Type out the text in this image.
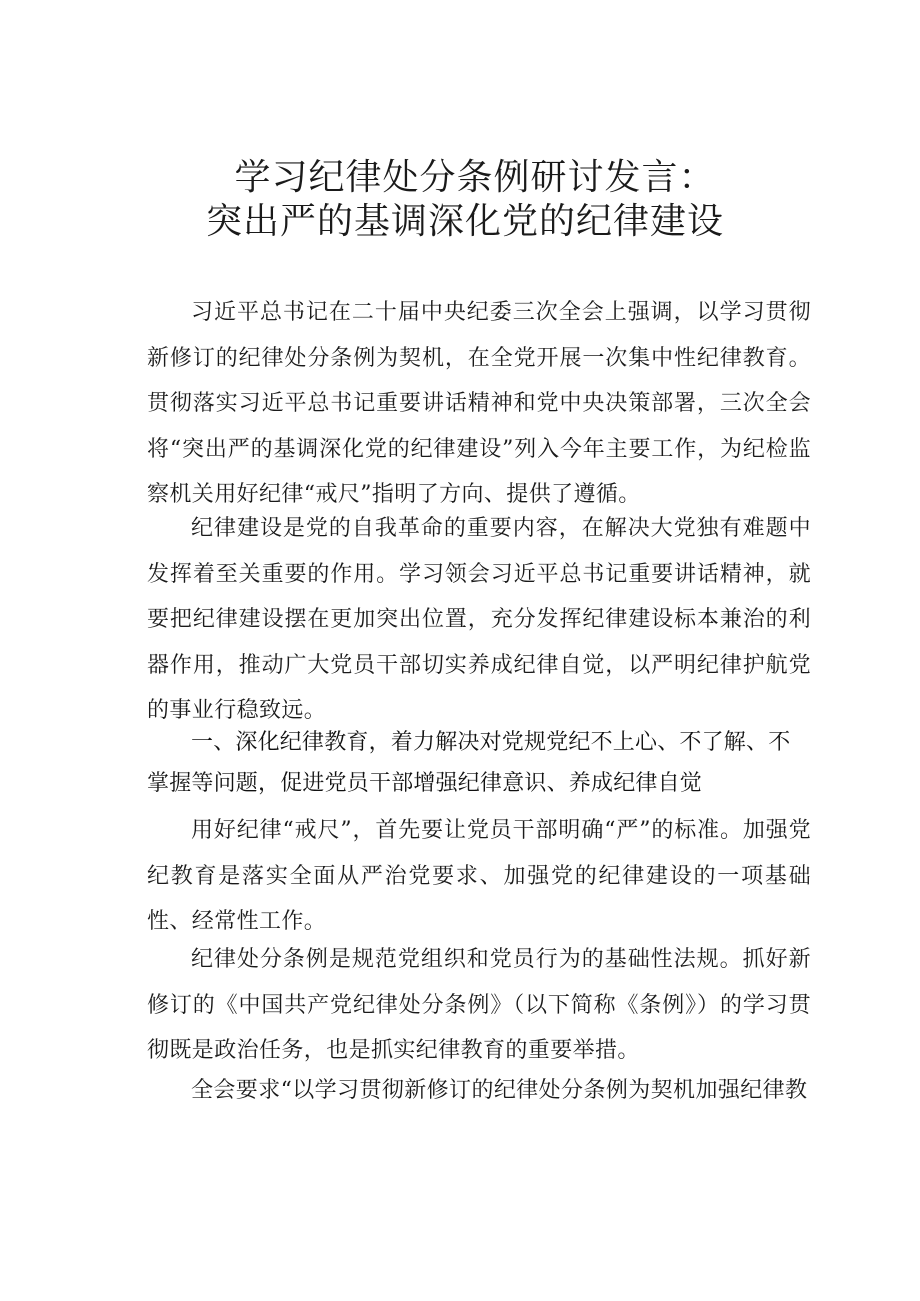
学习纪律处分条例研讨发言：
突出严的基调深化党的纪律建设

习近平总书记在二十届中央纪委三次全会上强调，以学习贯彻新修订的纪律处分条例为契机，在全党开展一次集中性纪律教育。贯彻落实习近平总书记重要讲话精神和党中央决策部署，三次全会将“突出严的基调深化党的纪律建设”列入今年主要工作，为纪检监察机关用好纪律“戒尺”指明了方向、提供了遵循。

纪律建设是党的自我革命的重要内容，在解决大党独有难题中发挥着至关重要的作用。学习领会习近平总书记重要讲话精神，就要把纪律建设摆在更加突出位置，充分发挥纪律建设标本兼治的利器作用，推动广大党员干部切实养成纪律自觉，以严明纪律护航党的事业行稳致远。

一、深化纪律教育，着力解决对党规党纪不上心、不了解、不掌握等问题，促进党员干部增强纪律意识、养成纪律自觉

用好纪律“戒尺”，首先要让党员干部明确“严”的标准。加强党纪教育是落实全面从严治党要求、加强党的纪律建设的一项基础性、经常性工作。

纪律处分条例是规范党组织和党员行为的基础性法规。抓好新修订的《中国共产党纪律处分条例》（以下简称《条例》）的学习贯彻既是政治任务，也是抓实纪律教育的重要举措。

全会要求“以学习贯彻新修订的纪律处分条例为契机加强纪律教
